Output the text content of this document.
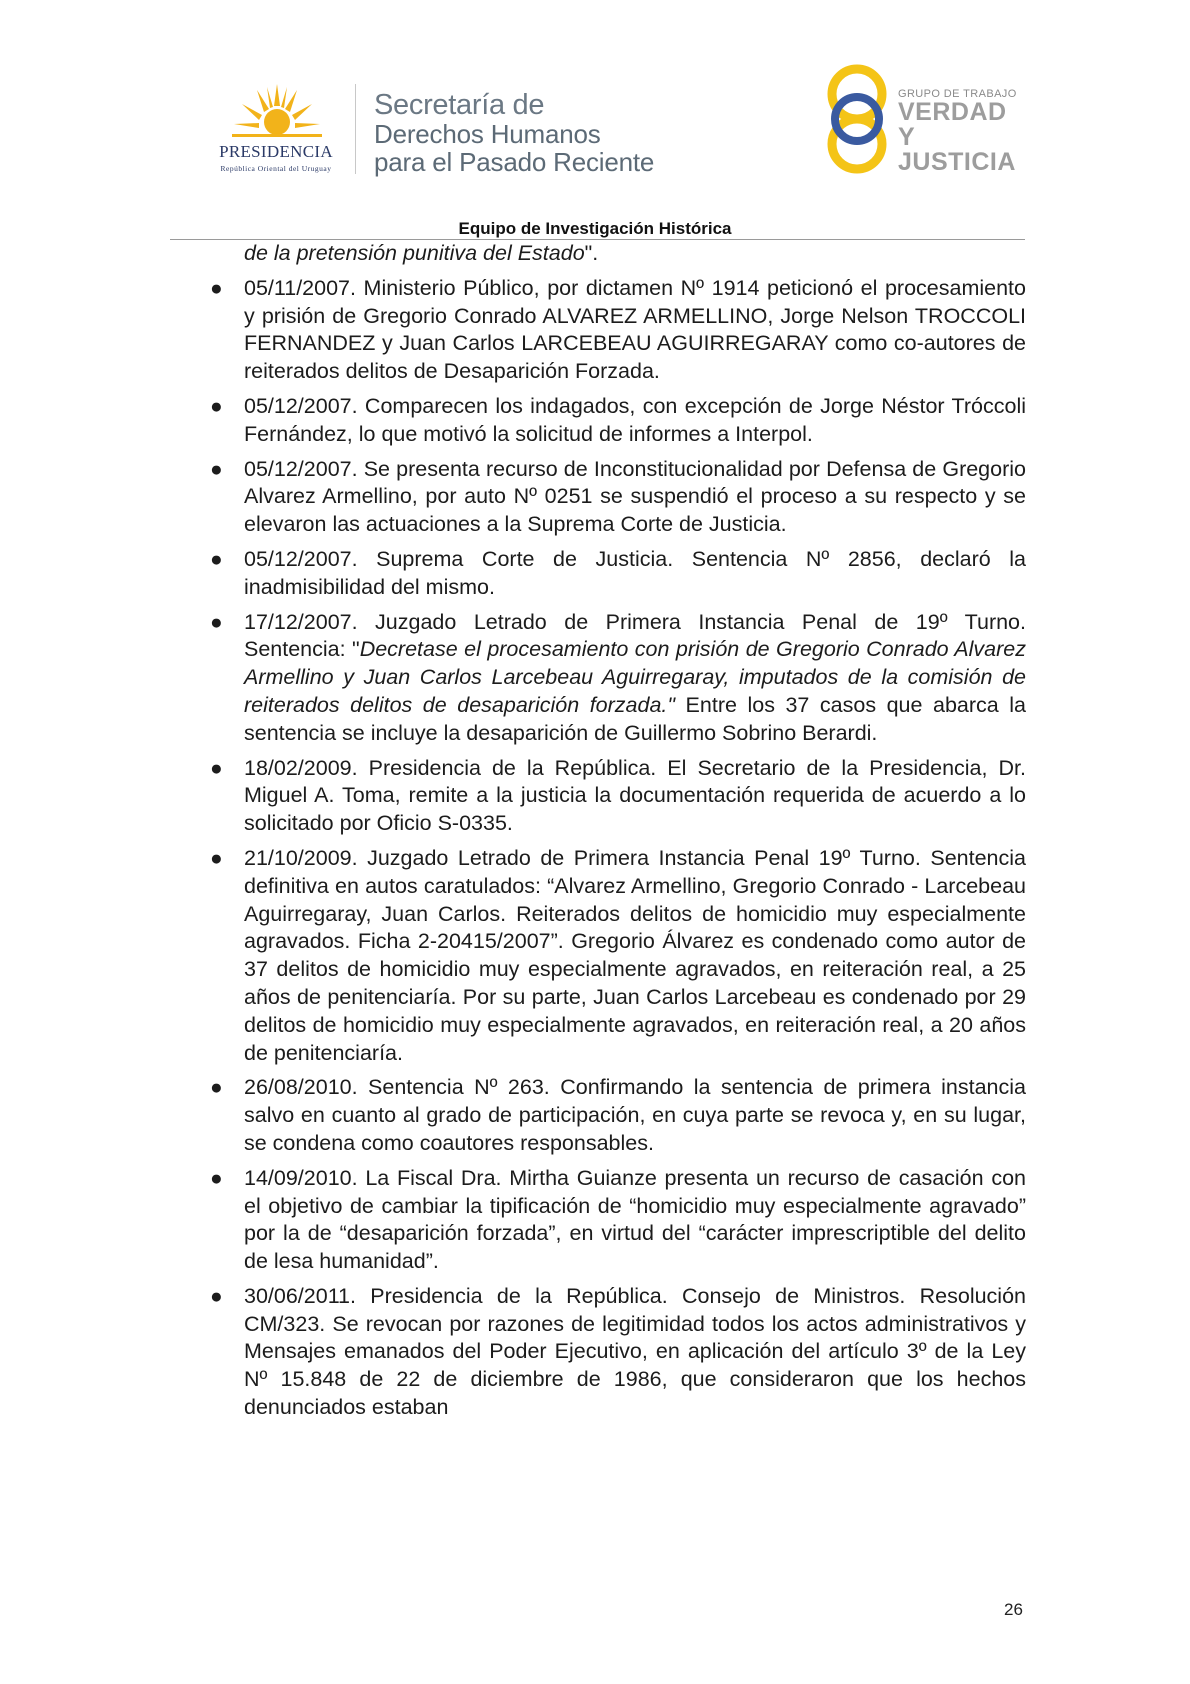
PRESIDENCIA
República Oriental del Uruguay
Secretaría de
Derechos Humanos
para el Pasado Reciente
GRUPO DE TRABAJO
VERDAD Y
JUSTICIA
Equipo de Investigación Histórica
de la pretensión punitiva del Estado".
● 05/11/2007. Ministerio Público, por dictamen Nº 1914 peticionó el procesamiento y prisión de Gregorio Conrado ALVAREZ ARMELLINO, Jorge Nelson TROCCOLI FERNANDEZ y Juan Carlos LARCEBEAU AGUIRREGARAY como co-autores de reiterados delitos de Desaparición Forzada.
● 05/12/2007. Comparecen los indagados, con excepción de Jorge Néstor Tróccoli Fernández, lo que motivó la solicitud de informes a Interpol.
● 05/12/2007. Se presenta recurso de Inconstitucionalidad por Defensa de Gregorio Alvarez Armellino, por auto Nº 0251 se suspendió el proceso a su respecto y se elevaron las actuaciones a la Suprema Corte de Justicia.
● 05/12/2007. Suprema Corte de Justicia. Sentencia Nº 2856, declaró la inadmisibilidad del mismo.
● 17/12/2007. Juzgado Letrado de Primera Instancia Penal de 19º Turno. Sentencia: "Decretase el procesamiento con prisión de Gregorio Conrado Alvarez Armellino y Juan Carlos Larcebeau Aguirregaray, imputados de la comisión de reiterados delitos de desaparición forzada." Entre los 37 casos que abarca la sentencia se incluye la desaparición de Guillermo Sobrino Berardi.
● 18/02/2009. Presidencia de la República. El Secretario de la Presidencia, Dr. Miguel A. Toma, remite a la justicia la documentación requerida de acuerdo a lo solicitado por Oficio S-0335.
● 21/10/2009. Juzgado Letrado de Primera Instancia Penal 19º Turno. Sentencia definitiva en autos caratulados: “Alvarez Armellino, Gregorio Conrado - Larcebeau Aguirregaray, Juan Carlos. Reiterados delitos de homicidio muy especialmente agravados. Ficha 2-20415/2007”. Gregorio Álvarez es condenado como autor de 37 delitos de homicidio muy especialmente agravados, en reiteración real, a 25 años de penitenciaría. Por su parte, Juan Carlos Larcebeau es condenado por 29 delitos de homicidio muy especialmente agravados, en reiteración real, a 20 años de penitenciaría.
● 26/08/2010. Sentencia Nº 263. Confirmando la sentencia de primera instancia salvo en cuanto al grado de participación, en cuya parte se revoca y, en su lugar, se condena como coautores responsables.
● 14/09/2010. La Fiscal Dra. Mirtha Guianze presenta un recurso de casación con el objetivo de cambiar la tipificación de “homicidio muy especialmente agravado” por la de “desaparición forzada”, en virtud del “carácter imprescriptible del delito de lesa humanidad”.
● 30/06/2011. Presidencia de la República. Consejo de Ministros. Resolución CM/323. Se revocan por razones de legitimidad todos los actos administrativos y Mensajes emanados del Poder Ejecutivo, en aplicación del artículo 3º de la Ley Nº 15.848 de 22 de diciembre de 1986, que consideraron que los hechos denunciados estaban
26
